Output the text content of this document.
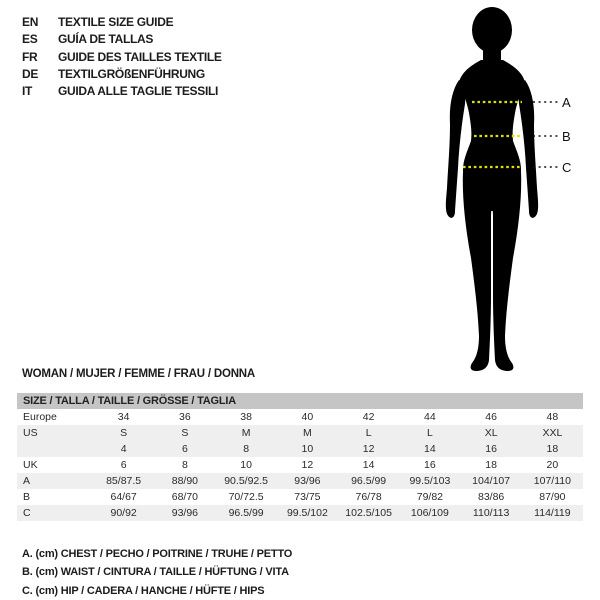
EN TEXTILE SIZE GUIDE
ES GUÍA DE TALLAS
FR GUIDE DES TAILLES TEXTILE
DE TEXTILGRÖßENFÜHRUNG
IT GUIDA ALLE TAGLIE TESSILI
A
B
C
WOMAN / MUJER / FEMME / FRAU / DONNA
SIZE / TALLA / TAILLE / GRÖSSE / TAGLIA
Europe	34	36	38	40	42	44	46	48
US	S	S	M	M	L	L	XL	XXL
	4	6	8	10	12	14	16	18
UK	6	8	10	12	14	16	18	20
A	85/87.5	88/90	90.5/92.5	93/96	96.5/99	99.5/103	104/107	107/110
B	64/67	68/70	70/72.5	73/75	76/78	79/82	83/86	87/90
C	90/92	93/96	96.5/99	99.5/102	102.5/105	106/109	110/113	114/119
A. (cm) CHEST / PECHO / POITRINE / TRUHE / PETTO
B. (cm) WAIST / CINTURA / TAILLE / HÜFTUNG / VITA
C. (cm) HIP / CADERA / HANCHE / HÜFTE / HIPS
